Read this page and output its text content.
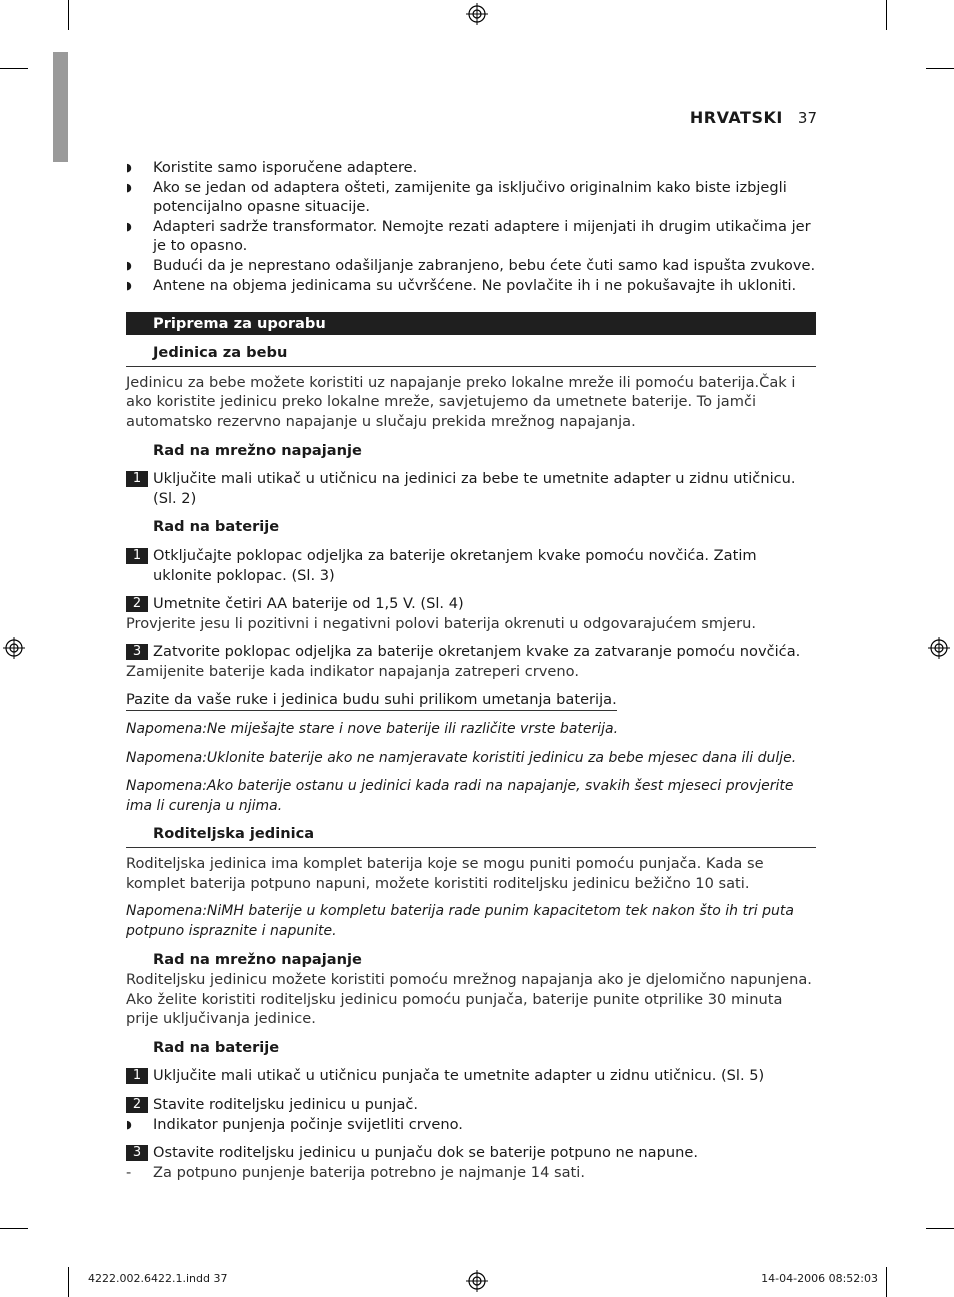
HRVATSKI 37
◗ Koristite samo isporučene adaptere.
◗ Ako se jedan od adaptera ošteti, zamijenite ga isključivo originalnim kako biste izbjegli potencijalno opasne situacije.
◗ Adapteri sadrže transformator. Nemojte rezati adaptere i mijenjati ih drugim utikačima jer je to opasno.
◗ Budući da je neprestano odašiljanje zabranjeno, bebu ćete čuti samo kad ispušta zvukove.
◗ Antene na objema jedinicama su učvršćene. Ne povlačite ih i ne pokušavajte ih ukloniti.
Priprema za uporabu
Jedinica za bebu
Jedinicu za bebe možete koristiti uz napajanje preko lokalne mreže ili pomoću baterija.Čak i ako koristite jedinicu preko lokalne mreže, savjetujemo da umetnete baterije. To jamči automatsko rezervno napajanje u slučaju prekida mrežnog napajanja.
Rad na mrežno napajanje
1 Uključite mali utikač u utičnicu na jedinici za bebe te umetnite adapter u zidnu utičnicu. (Sl. 2)
Rad na baterije
1 Otključajte poklopac odjeljka za baterije okretanjem kvake pomoću novčića. Zatim uklonite poklopac. (Sl. 3)
2 Umetnite četiri AA baterije od 1,5 V. (Sl. 4)
Provjerite jesu li pozitivni i negativni polovi baterija okrenuti u odgovarajućem smjeru.
3 Zatvorite poklopac odjeljka za baterije okretanjem kvake za zatvaranje pomoću novčića.
Zamijenite baterije kada indikator napajanja zatreperi crveno.
Pazite da vaše ruke i jedinica budu suhi prilikom umetanja baterija.
Napomena:Ne miješajte stare i nove baterije ili različite vrste baterija.
Napomena:Uklonite baterije ako ne namjeravate koristiti jedinicu za bebe mjesec dana ili dulje.
Napomena:Ako baterije ostanu u jedinici kada radi na napajanje, svakih šest mjeseci provjerite ima li curenja u njima.
Roditeljska jedinica
Roditeljska jedinica ima komplet baterija koje se mogu puniti pomoću punjača. Kada se komplet baterija potpuno napuni, možete koristiti roditeljsku jedinicu bežično 10 sati.
Napomena:NiMH baterije u kompletu baterija rade punim kapacitetom tek nakon što ih tri puta potpuno ispraznite i napunite.
Rad na mrežno napajanje
Roditeljsku jedinicu možete koristiti pomoću mrežnog napajanja ako je djelomično napunjena. Ako želite koristiti roditeljsku jedinicu pomoću punjača, baterije punite otprilike 30 minuta prije uključivanja jedinice.
Rad na baterije
1 Uključite mali utikač u utičnicu punjača te umetnite adapter u zidnu utičnicu. (Sl. 5)
2 Stavite roditeljsku jedinicu u punjač.
◗ Indikator punjenja počinje svijetliti crveno.
3 Ostavite roditeljsku jedinicu u punjaču dok se baterije potpuno ne napune.
- Za potpuno punjenje baterija potrebno je najmanje 14 sati.
4222.002.6422.1.indd 37	14-04-2006 08:52:03
